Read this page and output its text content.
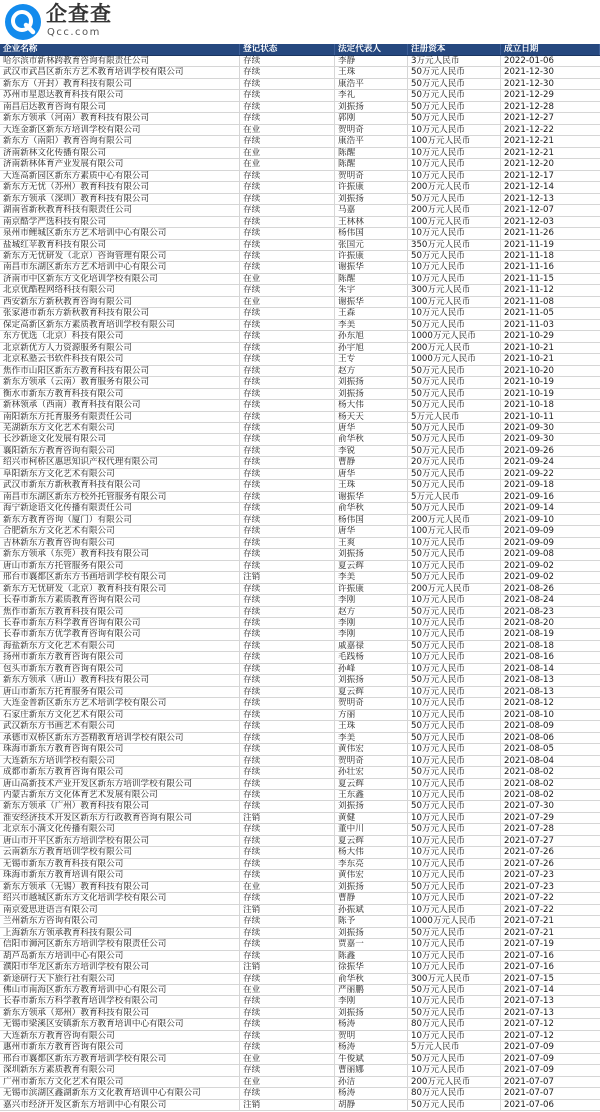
企查查
Qcc.com
企业名称	登记状态	法定代表人	注册资本	成立日期
哈尔滨市新林跨教育咨询有限责任公司	存续	李静	3万元人民币	2022-01-06
武汉市武昌区新东方艺术教育培训学校有限公司	存续	王珠	50万元人民币	2021-12-30
新东方（开封）教育科技有限公司	存续	康浩平	50万元人民币	2021-12-30
苏州市星恩达教育科技有限公司	存续	李礼	50万元人民币	2021-12-29
南昌启达教育咨询有限公司	存续	刘振扬	50万元人民币	2021-12-28
新东方领承（河南）教育科技有限公司	存续	郭刚	50万元人民币	2021-12-27
大连金新区新东方培训学校有限公司	在业	贺明奇	10万元人民币	2021-12-22
新东方（南阳）教育咨询有限公司	存续	康浩平	100万元人民币	2021-12-21
济南新林文化传播有限公司	在业	陈醒	10万元人民币	2021-12-21
济南新林体育产业发展有限公司	在业	陈醒	10万元人民币	2021-12-20
大连高新园区新东方素质中心有限公司	存续	贺明奇	10万元人民币	2021-12-17
新东方无忧（苏州）教育科技有限公司	存续	许振康	200万元人民币	2021-12-14
新东方领承（深圳）教育科技有限公司	存续	刘振扬	50万元人民币	2021-12-13
湖南省新秋教育科技有限责任公司	存续	马嘉	200万元人民币	2021-12-07
南京酷学严选科技有限公司	存续	王林林	100万元人民币	2021-12-03
泉州市鲤城区新东方艺术培训中心有限公司	存续	杨伟国	10万元人民币	2021-11-26
盐城红苹教育科技有限公司	存续	张国元	350万元人民币	2021-11-19
新东方无忧研发（北京）咨询管理有限公司	存续	许振康	50万元人民币	2021-11-18
南昌市东湖区新东方艺术培训中心有限公司	存续	谢振华	10万元人民币	2021-11-16
济南市中区新东方文化培训学校有限公司	在业	陈醒	10万元人民币	2021-11-15
北京优酷程网络科技有限公司	存续	朱宇	300万元人民币	2021-11-12
西安新东方新秋教育咨询有限公司	在业	谢振华	100万元人民币	2021-11-08
张家港市新东方新秋教育科技有限公司	存续	王森	10万元人民币	2021-11-05
保定高新区新东方素质教育培训学校有限公司	存续	李美	50万元人民币	2021-11-03
东方优选（北京）科技有限公司	存续	孙东旭	1000万元人民币	2021-10-29
北京新优方人力资源服务有限公司	存续	孙宇旭	200万元人民币	2021-10-21
北京私塾云书软件科技有限公司	存续	王专	1000万元人民币	2021-10-21
焦作市山阳区新东方教育科技有限公司	存续	赵方	50万元人民币	2021-10-20
新东方领承（云南）教育服务有限公司	存续	刘振扬	50万元人民币	2021-10-19
衡水市新东方教育科技有限公司	存续	刘振扬	50万元人民币	2021-10-19
新林领承（西南）教育科技有限公司	存续	杨大伟	50万元人民币	2021-10-18
南阳新东方托育服务有限责任公司	存续	杨天天	5万元人民币	2021-10-11
芜湖新东方文化艺术有限公司	存续	唐华	50万元人民币	2021-09-30
长沙新途文化发展有限公司	存续	俞华秋	50万元人民币	2021-09-30
襄阳新东方教育咨询有限公司	存续	李锐	50万元人民币	2021-09-26
绍兴市柯桥区惠思知识产权代理有限公司	存续	曹静	20万元人民币	2021-09-24
阜阳新东方文化艺术有限公司	存续	唐华	50万元人民币	2021-09-22
武汉市新东方新秋教育科技有限公司	存续	王珠	50万元人民币	2021-09-18
南昌市东湖区新东方校外托管服务有限公司	存续	谢振华	5万元人民币	2021-09-16
海宁新途语文化传播有限责任公司	存续	俞华秋	50万元人民币	2021-09-14
新东方教育咨询（厦门）有限公司	存续	杨伟国	200万元人民币	2021-09-10
合肥新东方文化艺术有限公司	存续	唐华	100万元人民币	2021-09-09
吉林新东方教育咨询有限公司	存续	王爽	10万元人民币	2021-09-09
新东方领承（东莞）教育科技有限公司	存续	刘振扬	50万元人民币	2021-09-08
唐山市新东方托管服务有限公司	存续	夏云辉	10万元人民币	2021-09-02
邢台市襄都区新东方书画培训学校有限公司	注销	李美	50万元人民币	2021-09-02
新东方无忧研发（北京）教育科技有限公司	存续	许振康	200万元人民币	2021-08-26
长春市新东方素质教育咨询有限公司	存续	李刚	10万元人民币	2021-08-24
焦作市新东方教育科技有限公司	存续	赵方	50万元人民币	2021-08-23
长春市新东方科学教育咨询有限公司	存续	李刚	10万元人民币	2021-08-20
长春市新东方优学教育咨询有限公司	存续	李刚	10万元人民币	2021-08-19
海盐新东方文化艺术有限公司	存续	戚嘉禄	50万元人民币	2021-08-18
扬州市新东方教育咨询有限公司	存续	毛践杨	10万元人民币	2021-08-16
包头市新东方教育咨询有限公司	存续	孙峰	10万元人民币	2021-08-14
新东方领承（唐山）教育科技有限公司	存续	刘振扬	50万元人民币	2021-08-13
唐山市新东方托育服务有限公司	存续	夏云辉	10万元人民币	2021-08-13
大连金普新区新东方艺术培训学校有限公司	存续	贺明奇	10万元人民币	2021-08-12
石家庄新东方文化艺术有限公司	存续	方丽	10万元人民币	2021-08-10
武汉新东方书画艺术有限公司	存续	王珠	50万元人民币	2021-08-09
承德市双桥区新东方荟精教育培训学校有限公司	存续	李美	50万元人民币	2021-08-06
珠海市新东方教育咨询有限公司	存续	黄伟宏	10万元人民币	2021-08-05
大连新东方培训学校有限公司	存续	贺明奇	10万元人民币	2021-08-04
成都市新东方教育咨询有限公司	存续	孙壮宏	50万元人民币	2021-08-02
唐山高新技术产业开发区新东方培训学校有限公司	存续	夏云辉	10万元人民币	2021-08-02
内蒙古新东方文化体育艺术发展有限公司	存续	王东鑫	10万元人民币	2021-08-02
新东方领承（广州）教育科技有限公司	存续	刘振扬	50万元人民币	2021-07-30
淮安经济技术开发区新东方行政教育咨询有限公司	注销	黄健	10万元人民币	2021-07-29
北京东小满文化传播有限公司	存续	董中川	50万元人民币	2021-07-28
唐山市开平区新东方培训学校有限公司	存续	夏云辉	10万元人民币	2021-07-27
云南新东方教育培训学校有限公司	存续	杨大伟	10万元人民币	2021-07-26
无锡市新东方教育科技有限公司	存续	李东亮	10万元人民币	2021-07-26
珠海市新东方教育培训有限公司	存续	黄伟宏	10万元人民币	2021-07-23
新东方领承（无锡）教育科技有限公司	在业	刘振扬	50万元人民币	2021-07-23
绍兴市越城区新东方文化培训学校有限公司	存续	曹静	10万元人民币	2021-07-22
南京爱思进语言有限公司	注销	孙振斌	10万元人民币	2021-07-22
兰州新东方咨询有限公司	存续	陈予	1000万元人民币	2021-07-21
上海新东方领承教育科技有限公司	存续	刘振扬	50万元人民币	2021-07-21
信阳市浉河区新东方培训学校有限责任公司	存续	贾嘉一	10万元人民币	2021-07-19
葫芦岛新东方培训中心有限公司	存续	陈鑫	10万元人民币	2021-07-16
濮阳市华龙区新东方培训学校有限公司	注销	徐振华	10万元人民币	2021-07-16
新途研行天下旅行社有限公司	存续	俞华秋	300万元人民币	2021-07-15
佛山市南海区新东方教育培训中心有限公司	在业	严丽鹏	50万元人民币	2021-07-14
长春市新东方科学教育培训学校有限公司	存续	李刚	10万元人民币	2021-07-13
新东方领承（郑州）教育科技有限公司	存续	刘振扬	50万元人民币	2021-07-13
无锡市梁溪区安镇新东方教育培训中心有限公司	存续	杨涛	80万元人民币	2021-07-12
大连新东方教育咨询有限公司	存续	贺明	10万元人民币	2021-07-12
惠州市新东方教育咨询有限公司	存续	杨涛	5万元人民币	2021-07-09
邢台市襄都区新东方教育培训学校有限公司	在业	牛俊斌	50万元人民币	2021-07-09
深圳新东方素质教育有限公司	存续	曹丽娜	10万元人民币	2021-07-09
广州市新东方文化艺术有限公司	在业	孙洁	200万元人民币	2021-07-07
无锡市滨湖区鑫湖新东方文化教育培训中心有限公司	存续	杨涛	80万元人民币	2021-07-07
嘉兴市经济开发区新东方培训中心有限公司	注销	胡静	50万元人民币	2021-07-06
